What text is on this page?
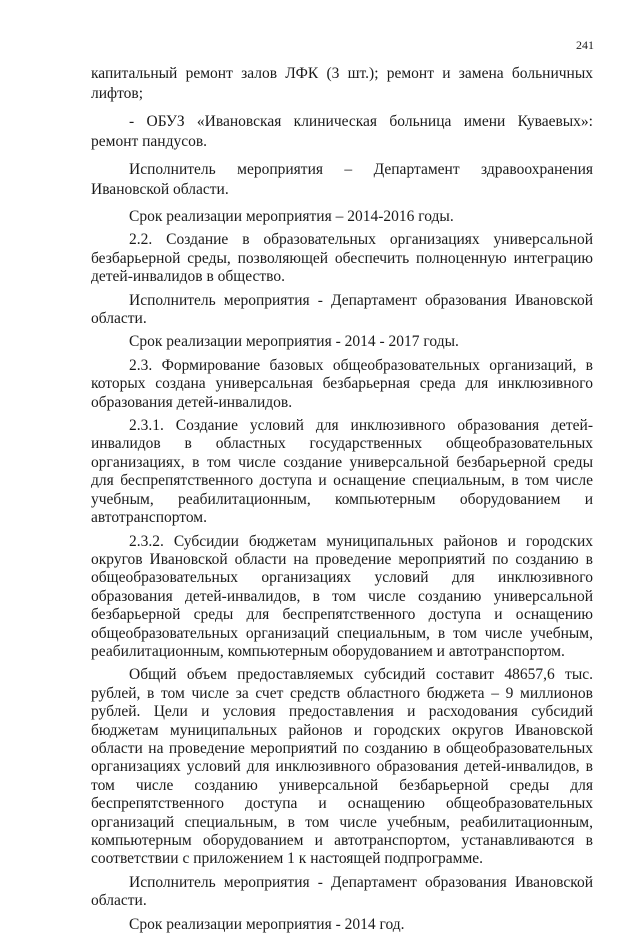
241

капитальный ремонт залов ЛФК (3 шт.); ремонт и замена больничных лифтов;

- ОБУЗ «Ивановская клиническая больница имени Куваевых»: ремонт пандусов.

Исполнитель мероприятия – Департамент здравоохранения Ивановской области.

Срок реализации мероприятия – 2014-2016 годы.

2.2. Создание в образовательных организациях универсальной безбарьерной среды, позволяющей обеспечить полноценную интеграцию детей-инвалидов в общество.

Исполнитель мероприятия - Департамент образования Ивановской области.

Срок реализации мероприятия - 2014 - 2017 годы.

2.3. Формирование базовых общеобразовательных организаций, в которых создана универсальная безбарьерная среда для инклюзивного образования детей-инвалидов.

2.3.1. Создание условий для инклюзивного образования детей-инвалидов в областных государственных общеобразовательных организациях, в том числе создание универсальной безбарьерной среды для беспрепятственного доступа и оснащение специальным, в том числе учебным, реабилитационным, компьютерным оборудованием и автотранспортом.

2.3.2. Субсидии бюджетам муниципальных районов и городских округов Ивановской области на проведение мероприятий по созданию в общеобразовательных организациях условий для инклюзивного образования детей-инвалидов, в том числе созданию универсальной безбарьерной среды для беспрепятственного доступа и оснащению общеобразовательных организаций специальным, в том числе учебным, реабилитационным, компьютерным оборудованием и автотранспортом.

Общий объем предоставляемых субсидий составит 48657,6 тыс. рублей, в том числе за счет средств областного бюджета – 9 миллионов рублей. Цели и условия предоставления и расходования субсидий бюджетам муниципальных районов и городских округов Ивановской области на проведение мероприятий по созданию в общеобразовательных организациях условий для инклюзивного образования детей-инвалидов, в том числе созданию универсальной безбарьерной среды для беспрепятственного доступа и оснащению общеобразовательных организаций специальным, в том числе учебным, реабилитационным, компьютерным оборудованием и автотранспортом, устанавливаются в соответствии с приложением 1 к настоящей подпрограмме.

Исполнитель мероприятия - Департамент образования Ивановской области.

Срок реализации мероприятия - 2014 год.
